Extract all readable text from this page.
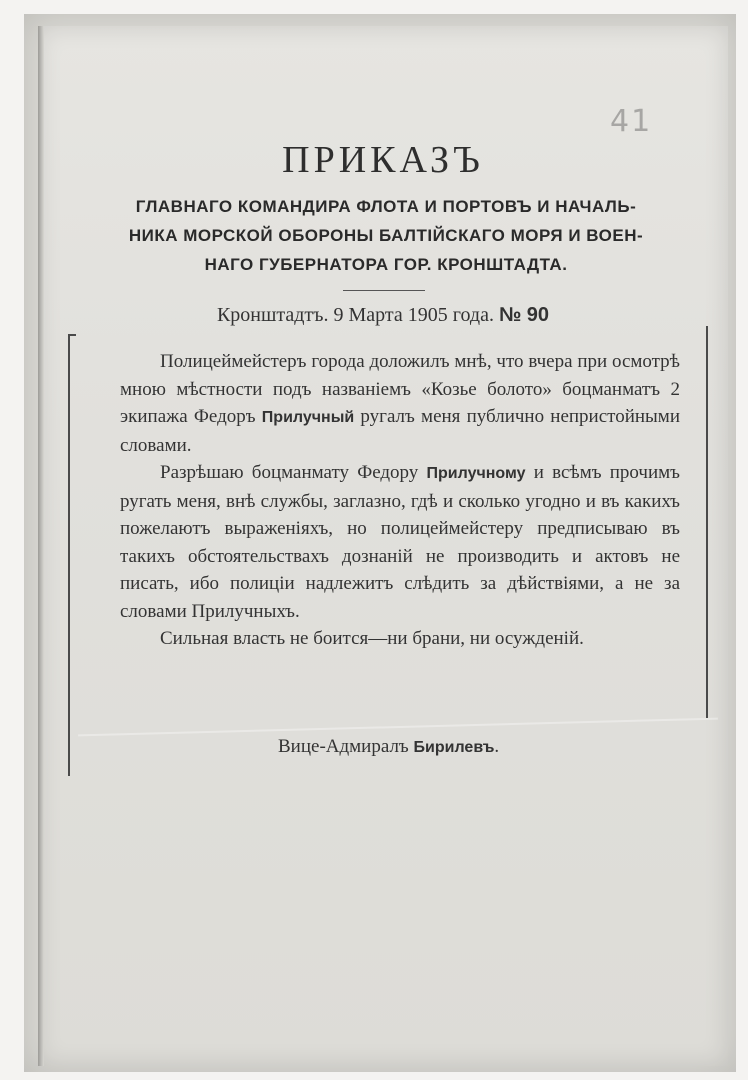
41
ПРИКАЗЪ
ГЛАВНАГО КОМАНДИРА ФЛОТА И ПОРТОВЪ И НАЧАЛЬ-
НИКА МОРСКОЙ ОБОРОНЫ БАЛТІЙСКАГО МОРЯ И ВОЕН-
НАГО ГУБЕРНАТОРА ГОР. КРОНШТАДТА.
Кронштадтъ. 9 Марта 1905 года. № 90

Полицеймейстеръ города доложилъ мнѣ, что вчера при осмотрѣ мною мѣстности подъ названіемъ «Козье болото» боцманматъ 2 экипажа Федоръ Прилучный ругалъ меня публично непристойными словами.

Разрѣшаю боцманмату Федору Прилучному и всѣмъ прочимъ ругать меня, внѣ службы, заглазно, гдѣ и сколько угодно и въ какихъ пожелаютъ выраженіяхъ, но полицеймейстеру предписываю въ такихъ обстоятельствахъ дознаній не производить и актовъ не писать, ибо полиціи надлежитъ слѣдить за дѣйствіями, а не за словами Прилучныхъ.

Сильная власть не боится—ни брани, ни осужденій.

Вице-Адмиралъ Бирилевъ.
